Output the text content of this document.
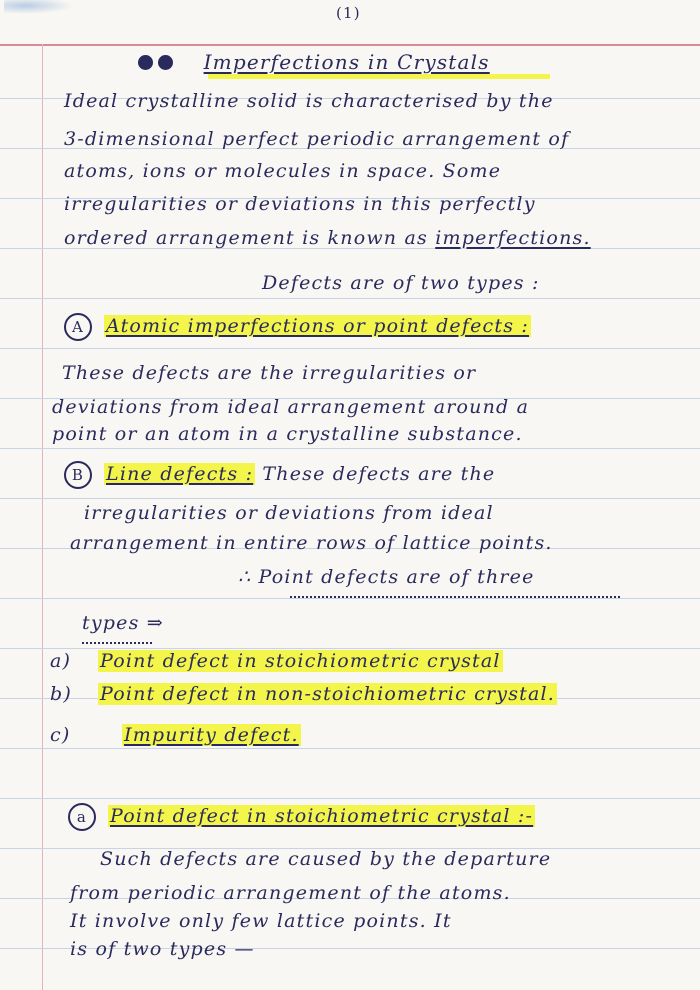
(1)
Imperfections in Crystals
Ideal crystalline solid is characterised by the
3-dimensional perfect periodic arrangement of
atoms, ions or molecules in space. Some
irregularities or deviations in this perfectly
ordered arrangement is known as imperfections.
Defects are of two types :
A Atomic imperfections or point defects :
These defects are the irregularities or
deviations from ideal arrangement around a
point or an atom in a crystalline substance.
B Line defects : These defects are the
irregularities or deviations from ideal
arrangement in entire rows of lattice points.
∴ Point defects are of three
types ⇒
a) Point defect in stoichiometric crystal
b) Point defect in non-stoichiometric crystal.
c)	Impurity defect.
a Point defect in stoichiometric crystal :-
Such defects are caused by the departure
from periodic arrangement of the atoms.
It involve only few lattice points. It
is of two types —
